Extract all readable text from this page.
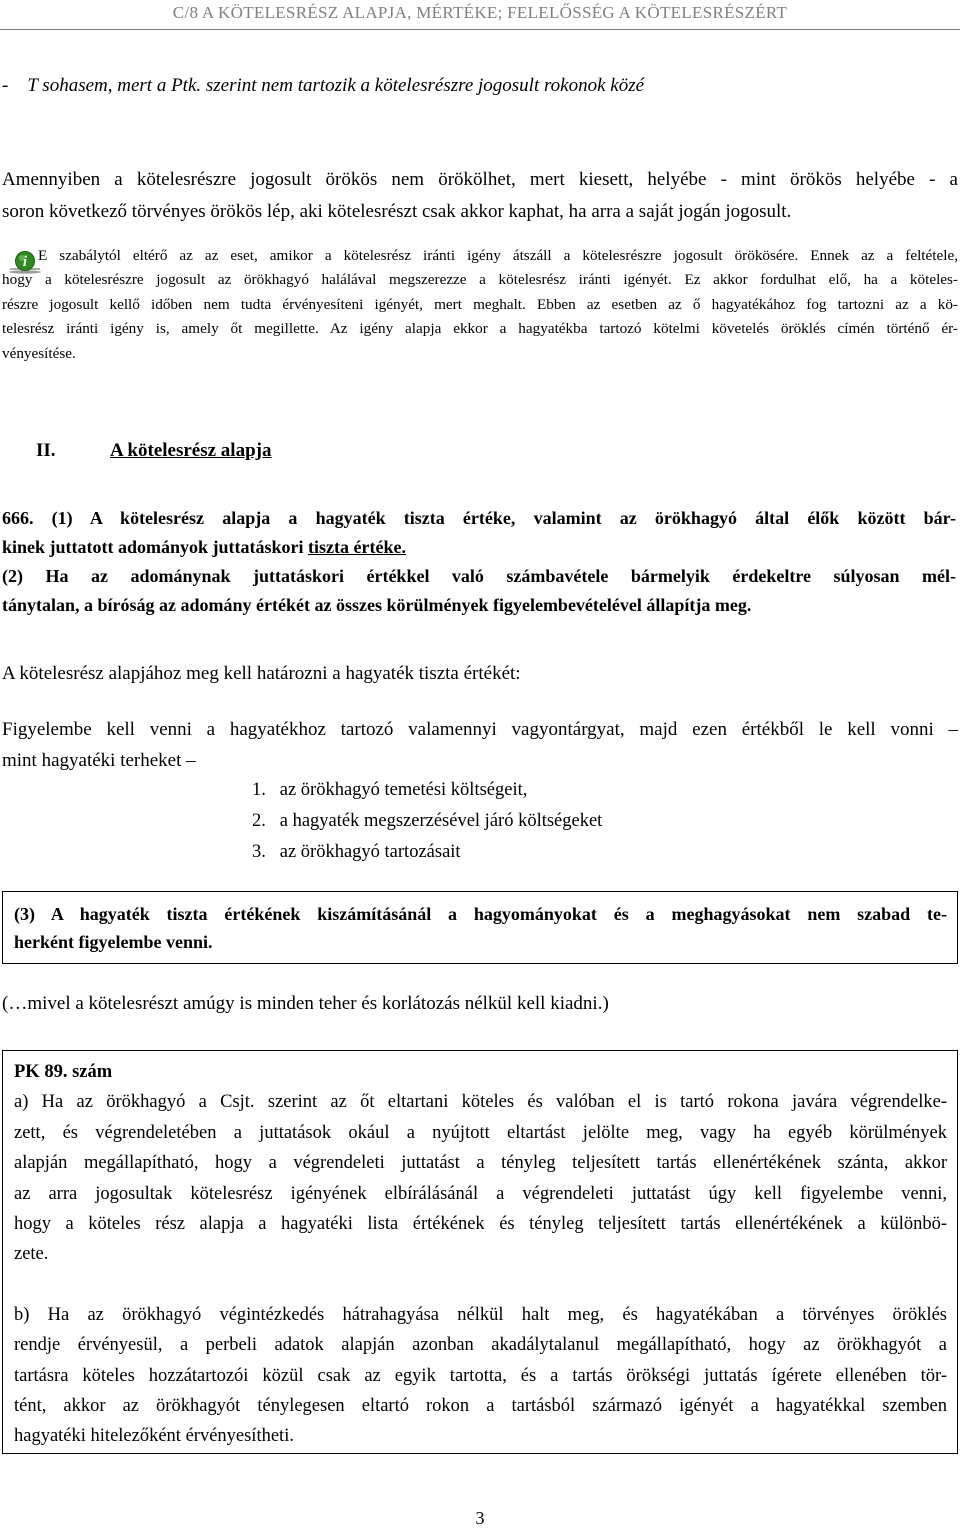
C/8 A KÖTELESRÉSZ ALAPJA, MÉRTÉKE; FELELŐSSÉG A KÖTELESRÉSZÉRT
-    T sohasem, mert a Ptk. szerint nem tartozik a kötelesrészre jogosult rokonok közé
Amennyiben a kötelesrészre jogosult örökös nem örökölhet, mert kiesett, helyébe - mint örökös helyébe - a
soron következő törvényes örökös lép, aki kötelesrészt csak akkor kaphat, ha arra a saját jogán jogosult.
i E szabálytól eltérő az az eset, amikor a kötelesrész iránti igény átszáll a kötelesrészre jogosult örökösére. Ennek az a feltétele,
hogy a kötelesrészre jogosult az örökhagyó halálával megszerezze a kötelesrész iránti igényét. Ez akkor fordulhat elő, ha a köteles-
részre jogosult kellő időben nem tudta érvényesíteni igényét, mert meghalt. Ebben az esetben az ő hagyatékához fog tartozni az a kö-
telesrész iránti igény is, amely őt megillette. Az igény alapja ekkor a hagyatékba tartozó kötelmi követelés öröklés címén történő ér-
vényesítése.
II.	A kötelesrész alapja
666. (1) A kötelesrész alapja a hagyaték tiszta értéke, valamint az örökhagyó által élők között bár-
kinek juttatott adományok juttatáskori tiszta értéke.
(2) Ha az adománynak juttatáskori értékkel való számbavétele bármelyik érdekeltre súlyosan mél-
tánytalan, a bíróság az adomány értékét az összes körülmények figyelembevételével állapítja meg.
A kötelesrész alapjához meg kell határozni a hagyaték tiszta értékét:
Figyelembe kell venni a hagyatékhoz tartozó valamennyi vagyontárgyat, majd ezen értékből le kell vonni –
mint hagyatéki terheket –
1.   az örökhagyó temetési költségeit,
2.   a hagyaték megszerzésével járó költségeket
3.   az örökhagyó tartozásait
(3) A hagyaték tiszta értékének kiszámításánál a hagyományokat és a meghagyásokat nem szabad te-
herként figyelembe venni.
(…mivel a kötelesrészt amúgy is minden teher és korlátozás nélkül kell kiadni.)
PK 89. szám
a) Ha az örökhagyó a Csjt. szerint az őt eltartani köteles és valóban el is tartó rokona javára végrendelke-
zett, és végrendeletében a juttatások okául a nyújtott eltartást jelölte meg, vagy ha egyéb körülmények
alapján megállapítható, hogy a végrendeleti juttatást a tényleg teljesített tartás ellenértékének szánta, akkor
az arra jogosultak kötelesrész igényének elbírálásánál a végrendeleti juttatást úgy kell figyelembe venni,
hogy a köteles rész alapja a hagyatéki lista értékének és tényleg teljesített tartás ellenértékének a különbö-
zete.
b) Ha az örökhagyó végintézkedés hátrahagyása nélkül halt meg, és hagyatékában a törvényes öröklés
rendje érvényesül, a perbeli adatok alapján azonban akadálytalanul megállapítható, hogy az örökhagyót a
tartásra köteles hozzátartozói közül csak az egyik tartotta, és a tartás örökségi juttatás ígérete ellenében tör-
tént, akkor az örökhagyót ténylegesen eltartó rokon a tartásból származó igényét a hagyatékkal szemben
hagyatéki hitelezőként érvényesítheti.
3
